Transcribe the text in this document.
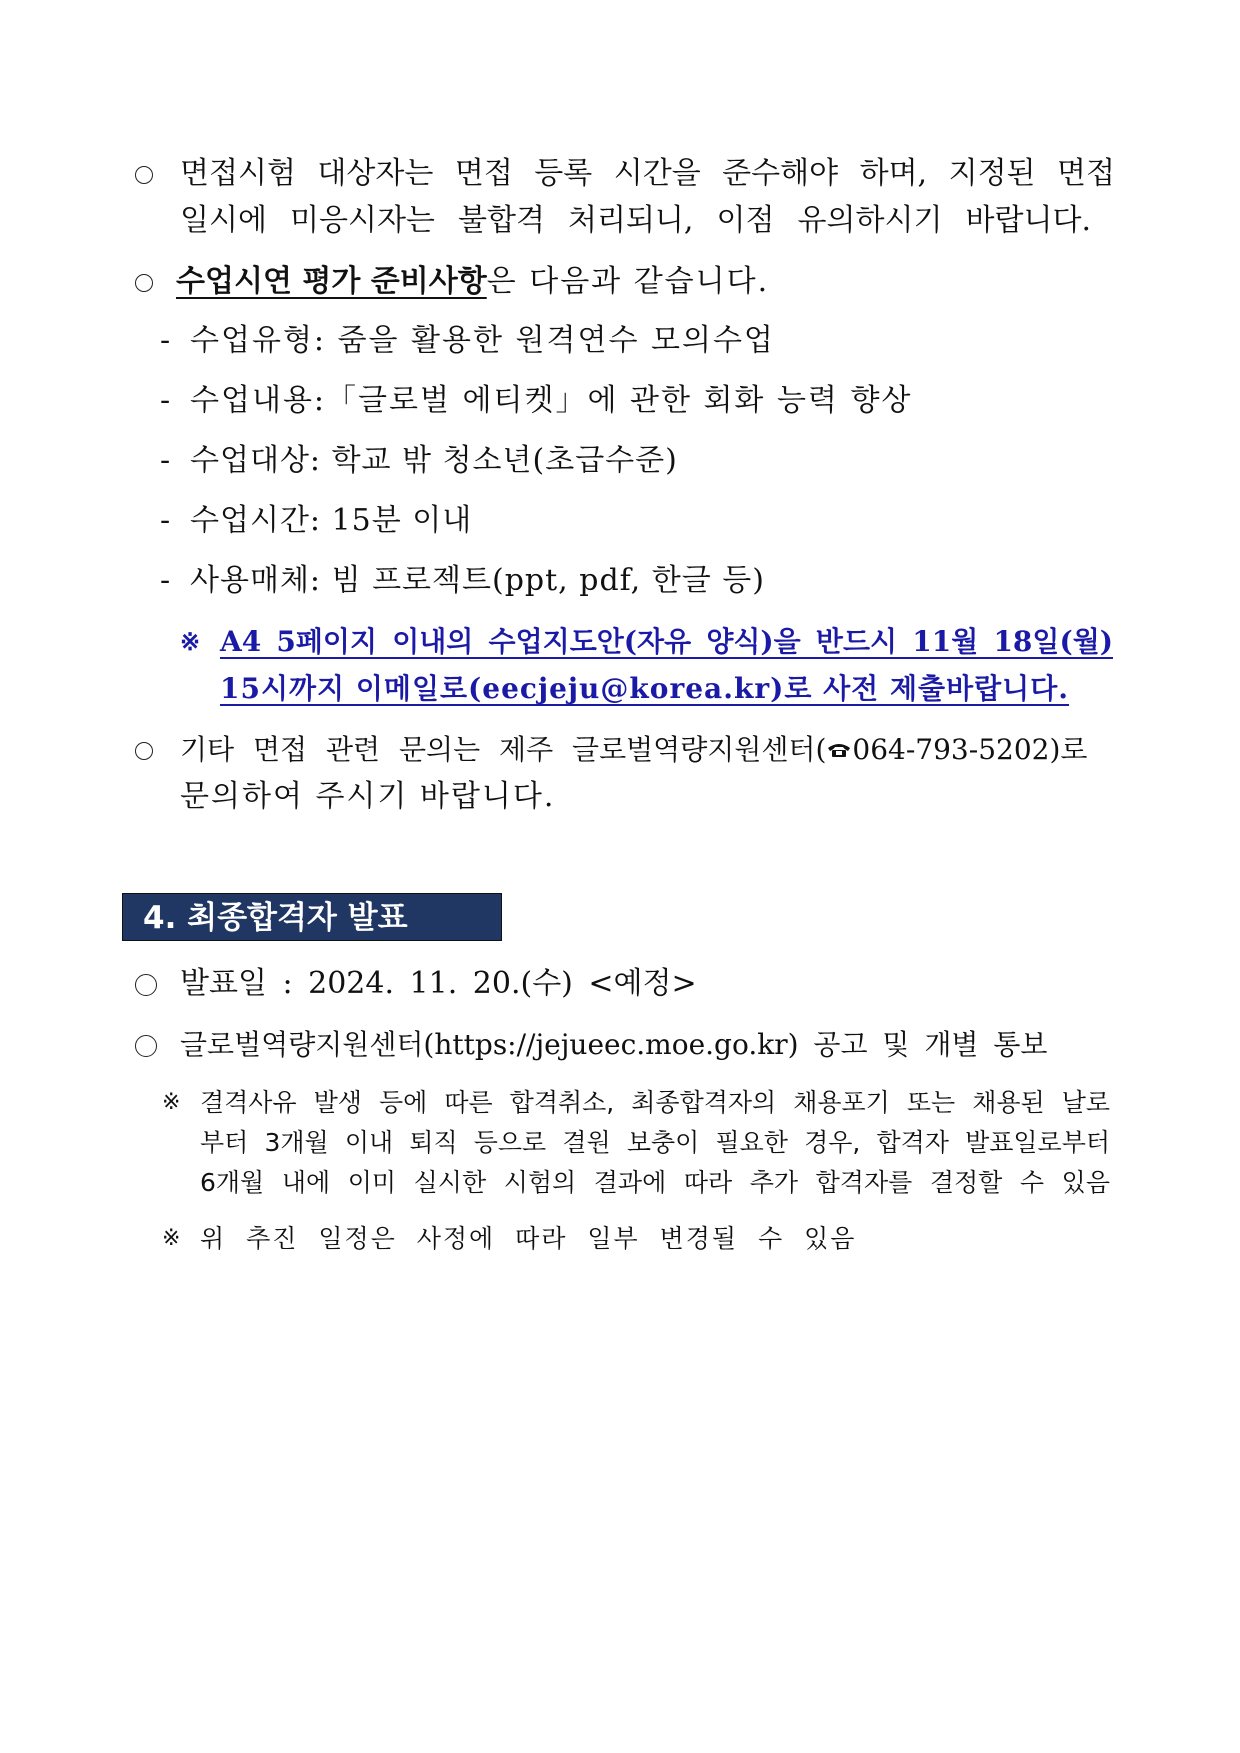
면접시험 대상자는 면접 등록 시간을 준수해야 하며, 지정된 면접
일시에 미응시자는 불합격 처리되니, 이점 유의하시기 바랍니다.
수업시연 평가 준비사항은 다음과 같습니다.
- 수업유형: 줌을 활용한 원격연수 모의수업
- 수업내용:「글로벌 에티켓」에 관한 회화 능력 향상
- 수업대상: 학교 밖 청소년(초급수준)
- 수업시간: 15분 이내
- 사용매체: 빔 프로젝트(ppt, pdf, 한글 등)
※ A4 5페이지 이내의 수업지도안(자유 양식)을 반드시 11월 18일(월)
15시까지 이메일로(eecjeju@korea.kr)로 사전 제출바랍니다.
기타 면접 관련 문의는 제주 글로벌역량지원센터( 064-793-5202)로
문의하여 주시기 바랍니다.
4. 최종합격자 발표
발표일 : 2024. 11. 20.(수) <예정>
글로벌역량지원센터(https://jejueec.moe.go.kr) 공고 및 개별 통보
※ 결격사유 발생 등에 따른 합격취소, 최종합격자의 채용포기 또는 채용된 날로
부터 3개월 이내 퇴직 등으로 결원 보충이 필요한 경우, 합격자 발표일로부터
6개월 내에 이미 실시한 시험의 결과에 따라 추가 합격자를 결정할 수 있음
※ 위 추진 일정은 사정에 따라 일부 변경될 수 있음
